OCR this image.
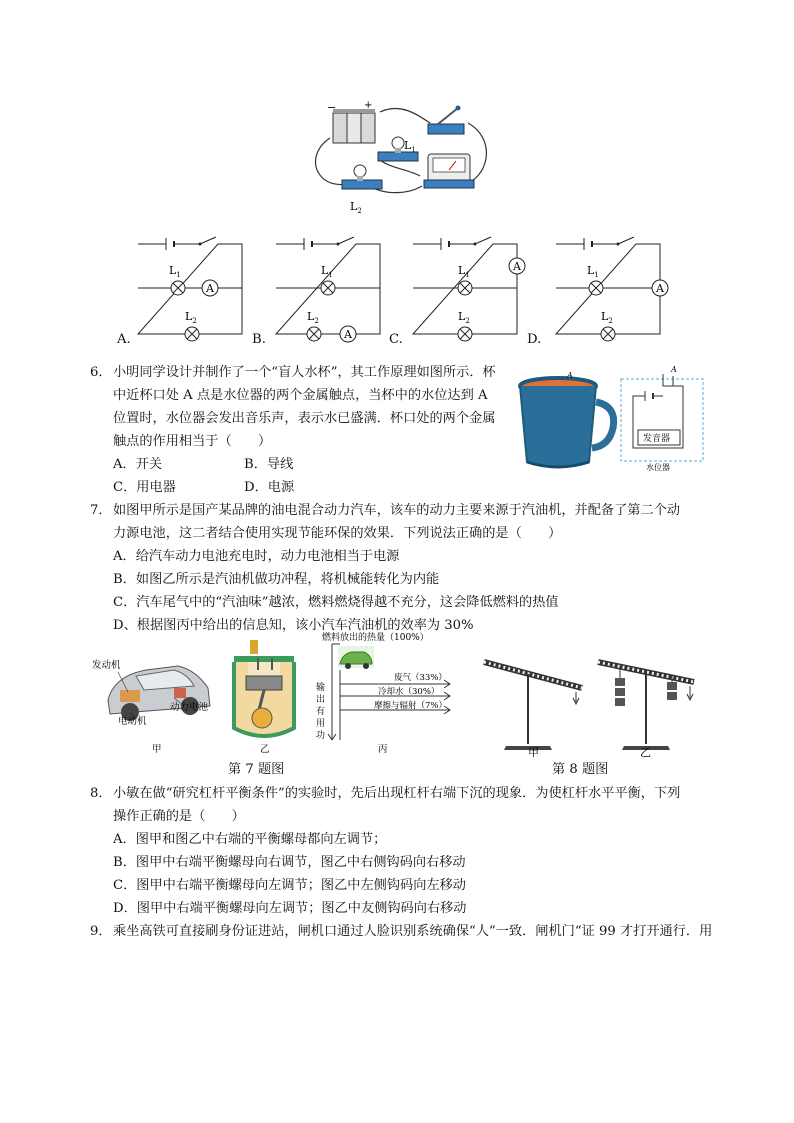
−	+
$L_1$
$L_2$
A
$L_1$
$L_2$
A
$L_1$
$L_2$
A
$L_1$
$L_2$
A
$L_1$
$L_2$
A.	B.	C.	D.
6． 小明同学设计并制作了一个“盲人水杯”，其工作原理如图所示．杯
中近杯口处 A 点是水位器的两个金属触点，当杯中的水位达到 A
位置时，水位器会发出音乐声，表示水已盛满．杯口处的两个金属
触点的作用相当于（　　）
A．开关	B．导线
C．用电器	D．电源
A
发音器
A
水位器
7． 如图甲所示是国产某品牌的油电混合动力汽车，该车的动力主要来源于汽油机，并配备了第二个动
力源电池，这二者结合使用实现节能环保的效果．下列说法正确的是（　　）
A．给汽车动力电池充电时，动力电池相当于电源
B．如图乙所示是汽油机做功冲程，将机械能转化为内能
C．汽车尾气中的“汽油味”越浓，燃料燃烧得越不充分，这会降低燃料的热值
D、根据图丙中给出的信息知，该小汽车汽油机的效率为 30%
发动机
动力电池
电动机
甲	乙
燃料放出的热量（100%）
废气（33%）
冷却水（30%）
摩擦与辐射（7%）
输
出
有
用
功
丙	甲	乙
第 7 题图	第 8 题图
8． 小敏在做“研究杠杆平衡条件”的实验时，先后出现杠杆右端下沉的现象．为使杠杆水平平衡，下列
操作正确的是（　　）
A．图甲和图乙中右端的平衡螺母都向左调节；
B．图甲中右端平衡螺母向右调节，图乙中右侧钩码向右移动
C．图甲中右端平衡螺母向左调节；图乙中左侧钩码向左移动
D．图甲中右端平衡螺母向左调节；图乙中友侧钩码向右移动
9． 乘坐高铁可直接刷身份证进站，闸机口通过人脸识别系统确保“人”一致．闸机门“证 99 才打开通行．用
